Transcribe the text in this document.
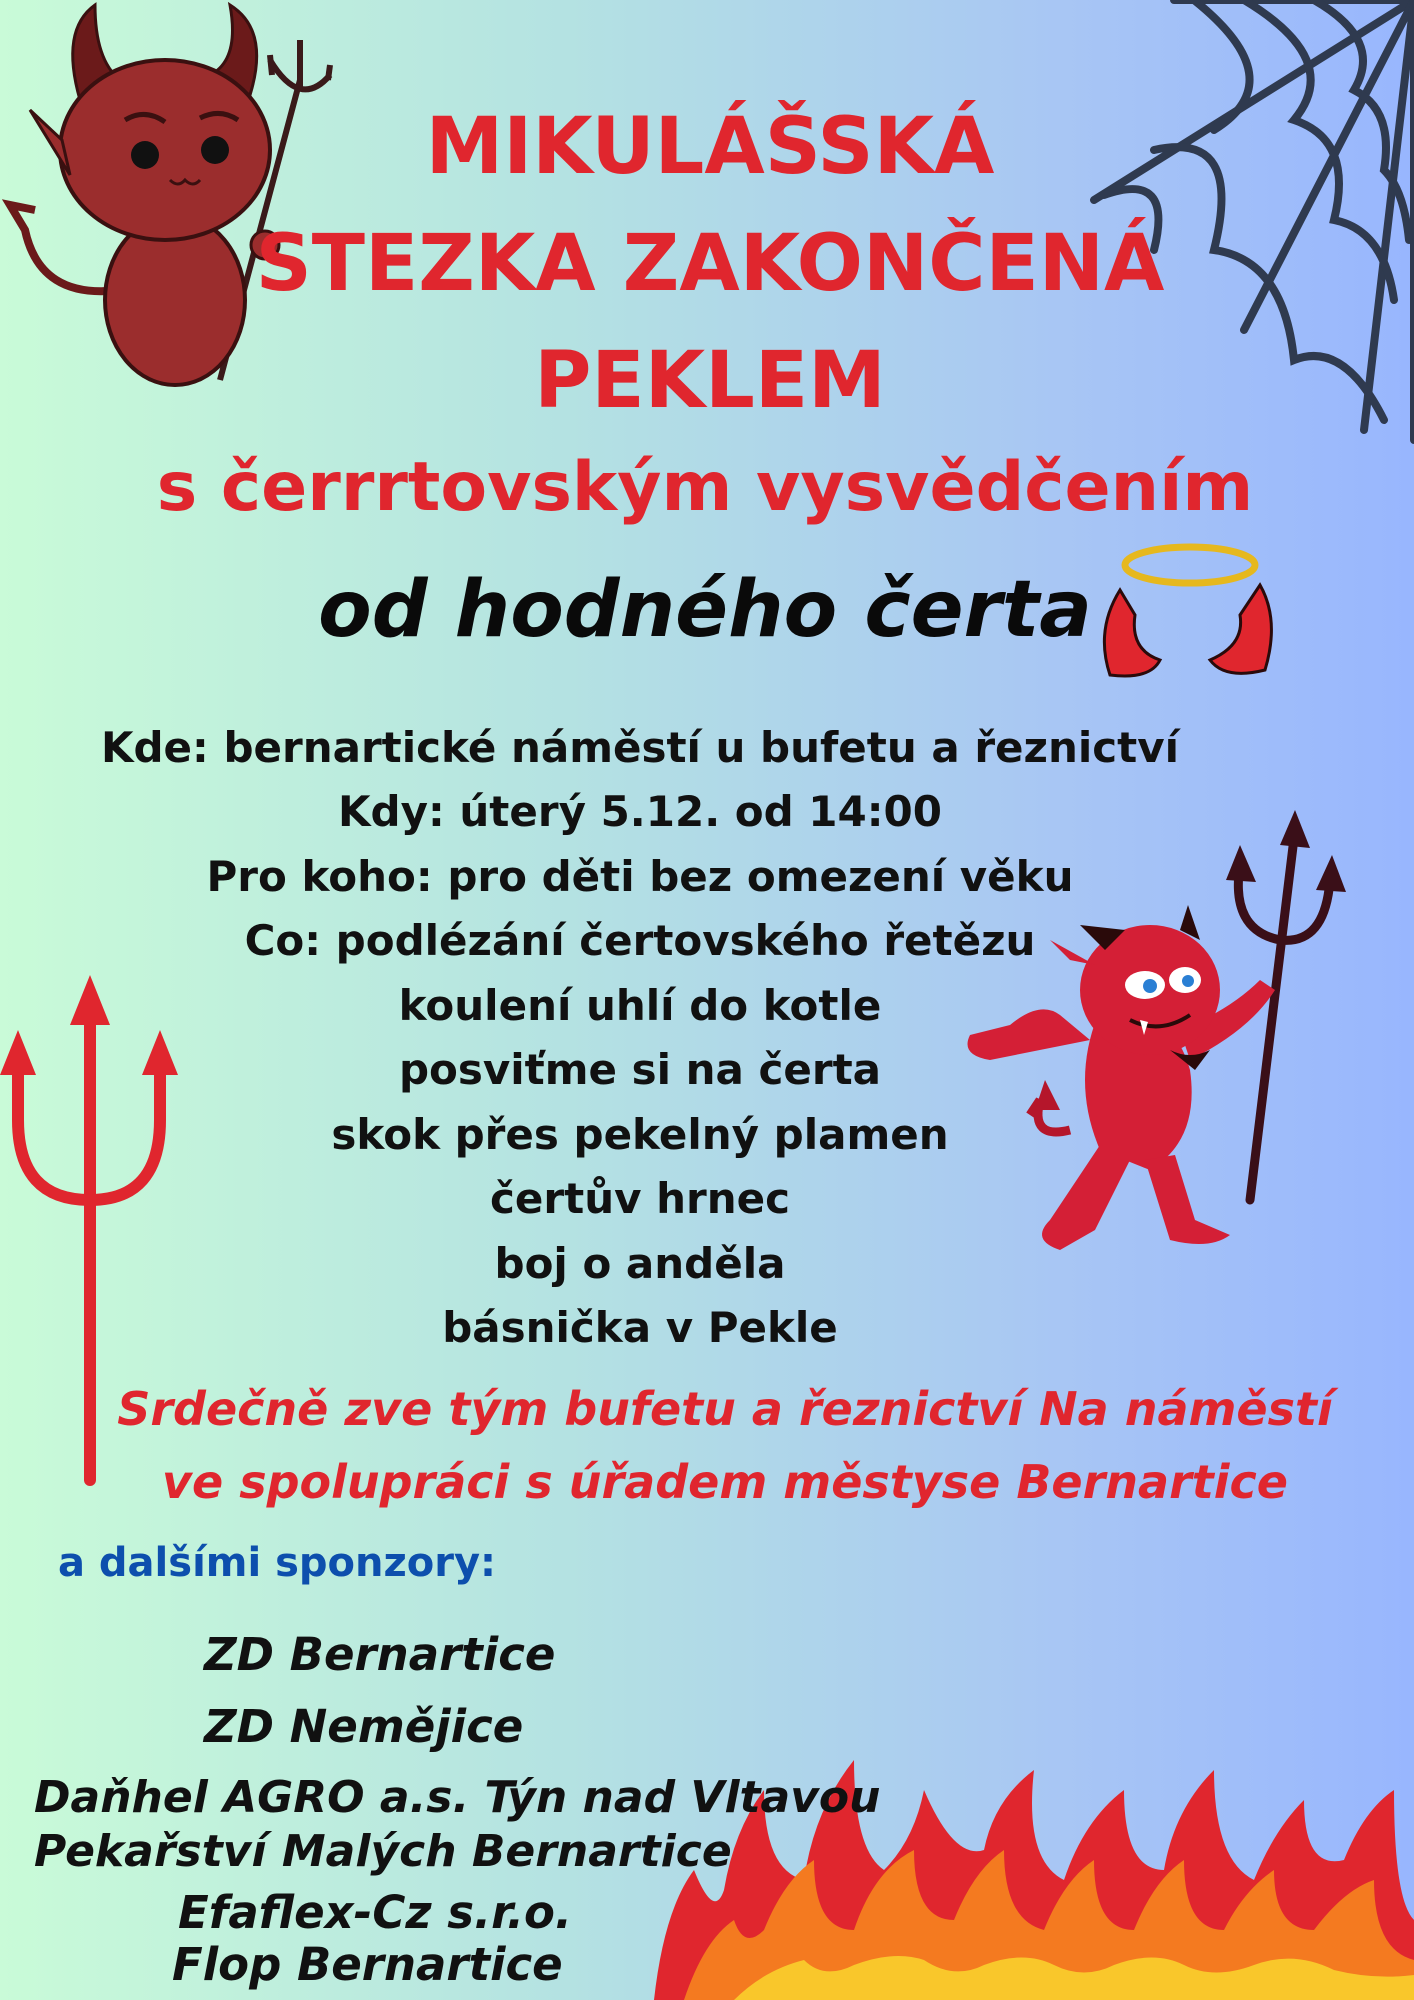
MIKULÁŠSKÁ
STEZKA ZAKONČENÁ
PEKLEM
s čerrrtovským vysvědčením
od hodného čerta
Kde: bernartické náměstí u bufetu a řeznictví
Kdy: úterý 5.12. od 14:00
Pro koho: pro děti bez omezení věku
Co: podlézání čertovského řetězu
koulení uhlí do kotle
posviťme si na čerta
skok přes pekelný plamen
čertův hrnec
boj o anděla
básnička v Pekle
Srdečně zve tým bufetu a řeznictví Na náměstí
ve spolupráci s úřadem městyse Bernartice
a dalšími sponzory:
ZD Bernartice
ZD Nemějice
Daňhel AGRO a.s. Týn nad Vltavou
Pekařství Malých Bernartice
Efaflex-Cz s.r.o.
Flop Bernartice
